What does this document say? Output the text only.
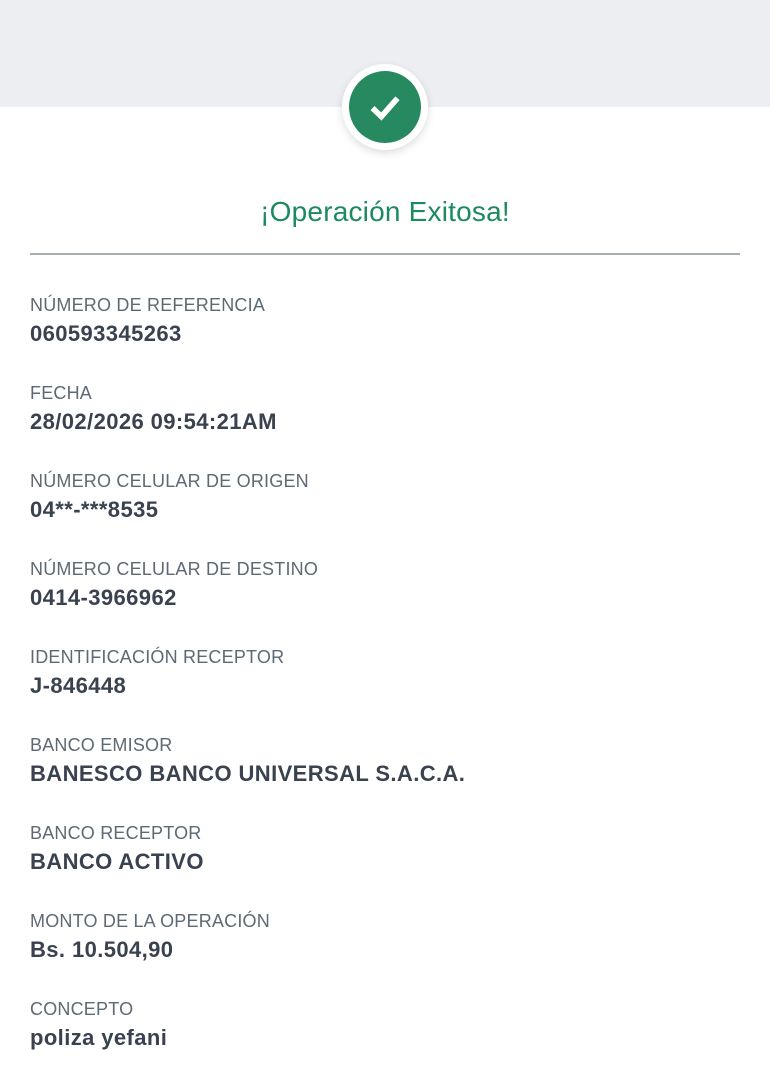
¡Operación Exitosa!
NÚMERO DE REFERENCIA
060593345263
FECHA
28/02/2026 09:54:21AM
NÚMERO CELULAR DE ORIGEN
04**-***8535
NÚMERO CELULAR DE DESTINO
0414-3966962
IDENTIFICACIÓN RECEPTOR
J-846448
BANCO EMISOR
BANESCO BANCO UNIVERSAL S.A.C.A.
BANCO RECEPTOR
BANCO ACTIVO
MONTO DE LA OPERACIÓN
Bs. 10.504,90
CONCEPTO
poliza yefani
